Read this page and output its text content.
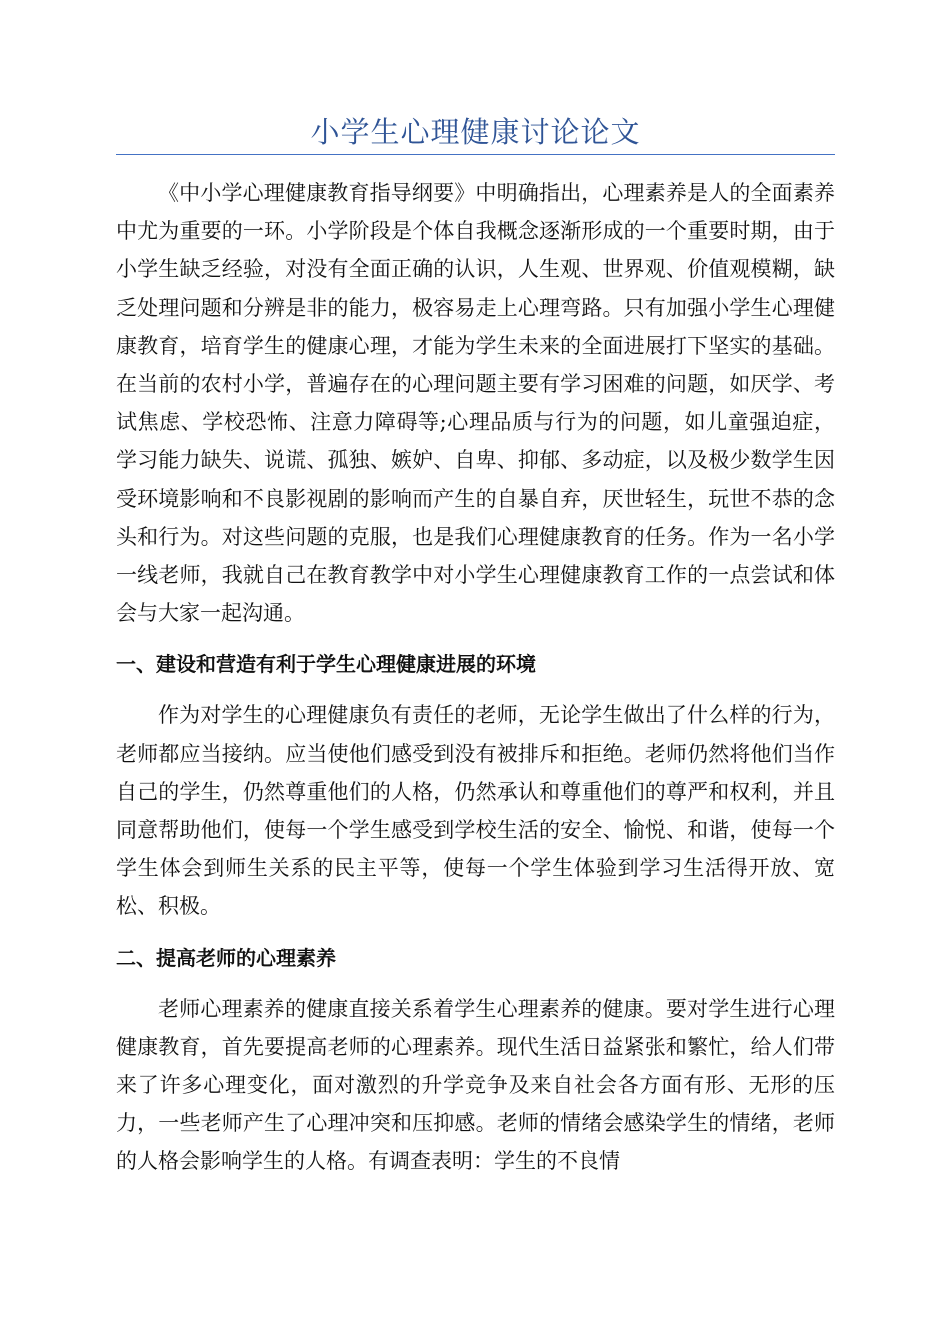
小学生心理健康讨论论文

《中小学心理健康教育指导纲要》中明确指出，心理素养是人的全面素养中尤为重要的一环。小学阶段是个体自我概念逐渐形成的一个重要时期，由于小学生缺乏经验，对没有全面正确的认识，人生观、世界观、价值观模糊，缺乏处理问题和分辨是非的能力，极容易走上心理弯路。只有加强小学生心理健康教育，培育学生的健康心理，才能为学生未来的全面进展打下坚实的基础。在当前的农村小学，普遍存在的心理问题主要有学习困难的问题，如厌学、考试焦虑、学校恐怖、注意力障碍等;心理品质与行为的问题，如儿童强迫症，学习能力缺失、说谎、孤独、嫉妒、自卑、抑郁、多动症，以及极少数学生因受环境影响和不良影视剧的影响而产生的自暴自弃，厌世轻生，玩世不恭的念头和行为。对这些问题的克服，也是我们心理健康教育的任务。作为一名小学一线老师，我就自己在教育教学中对小学生心理健康教育工作的一点尝试和体会与大家一起沟通。

一、建设和营造有利于学生心理健康进展的环境

作为对学生的心理健康负有责任的老师，无论学生做出了什么样的行为，老师都应当接纳。应当使他们感受到没有被排斥和拒绝。老师仍然将他们当作自己的学生，仍然尊重他们的人格，仍然承认和尊重他们的尊严和权利，并且同意帮助他们，使每一个学生感受到学校生活的安全、愉悦、和谐，使每一个学生体会到师生关系的民主平等，使每一个学生体验到学习生活得开放、宽松、积极。

二、提高老师的心理素养

老师心理素养的健康直接关系着学生心理素养的健康。要对学生进行心理健康教育，首先要提高老师的心理素养。现代生活日益紧张和繁忙，给人们带来了许多心理变化，面对激烈的升学竞争及来自社会各方面有形、无形的压力，一些老师产生了心理冲突和压抑感。老师的情绪会感染学生的情绪，老师的人格会影响学生的人格。有调查表明：学生的不良情
